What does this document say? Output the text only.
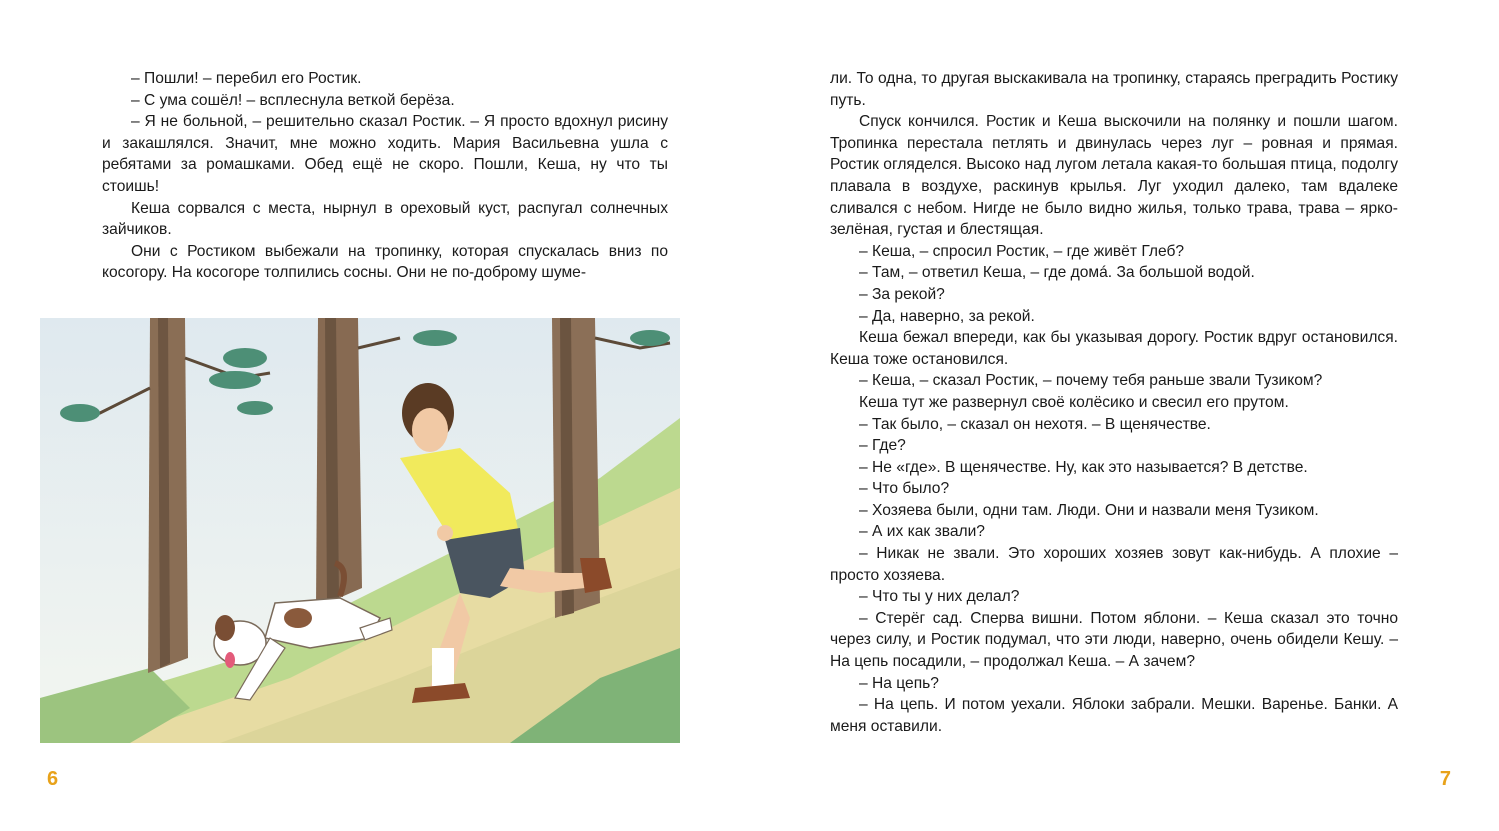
– Пошли! – перебил его Ростик.

– С ума сошёл! – всплеснула веткой берёза.

– Я не больной, – решительно сказал Ростик. – Я просто вдохнул рисину и закашлялся. Значит, мне можно ходить. Мария Васильевна ушла с ребятами за ромашками. Обед ещё не скоро. Пошли, Кеша, ну что ты стоишь!

Кеша сорвался с места, нырнул в ореховый куст, распугал солнечных зайчиков.

Они с Ростиком выбежали на тропинку, которая спускалась вниз по косогору. На косогоре толпились сосны. Они не по-доброму шуме-

6

ли. То одна, то другая выскакивала на тропинку, стараясь преградить Ростику путь.

Спуск кончился. Ростик и Кеша выскочили на полянку и пошли шагом. Тропинка перестала петлять и двинулась через луг – ровная и прямая. Ростик огляделся. Высоко над лугом летала какая-то большая птица, подолгу плавала в воздухе, раскинув крылья. Луг уходил далеко, там вдалеке сливался с небом. Нигде не было видно жилья, только трава, трава – ярко-зелёная, густая и блестящая.

– Кеша, – спросил Ростик, – где живёт Глеб?

– Там, – ответил Кеша, – где домá. За большой водой.

– За рекой?

– Да, наверно, за рекой.

Кеша бежал впереди, как бы указывая дорогу. Ростик вдруг остановился. Кеша тоже остановился.

– Кеша, – сказал Ростик, – почему тебя раньше звали Тузиком?

Кеша тут же развернул своё колёсико и свесил его прутом.

– Так было, – сказал он нехотя. – В щенячестве.

– Где?

– Не «где». В щенячестве. Ну, как это называется? В детстве.

– Что было?

– Хозяева были, одни там. Люди. Они и назвали меня Тузиком.

– А их как звали?

– Никак не звали. Это хороших хозяев зовут как-нибудь. А плохие – просто хозяева.

– Что ты у них делал?

– Стерёг сад. Сперва вишни. Потом яблони. – Кеша сказал это точно через силу, и Ростик подумал, что эти люди, наверно, очень обидели Кешу. – На цепь посадили, – продолжал Кеша. – А зачем?

– На цепь?

– На цепь. И потом уехали. Яблоки забрали. Мешки. Варенье. Банки. А меня оставили.

7
